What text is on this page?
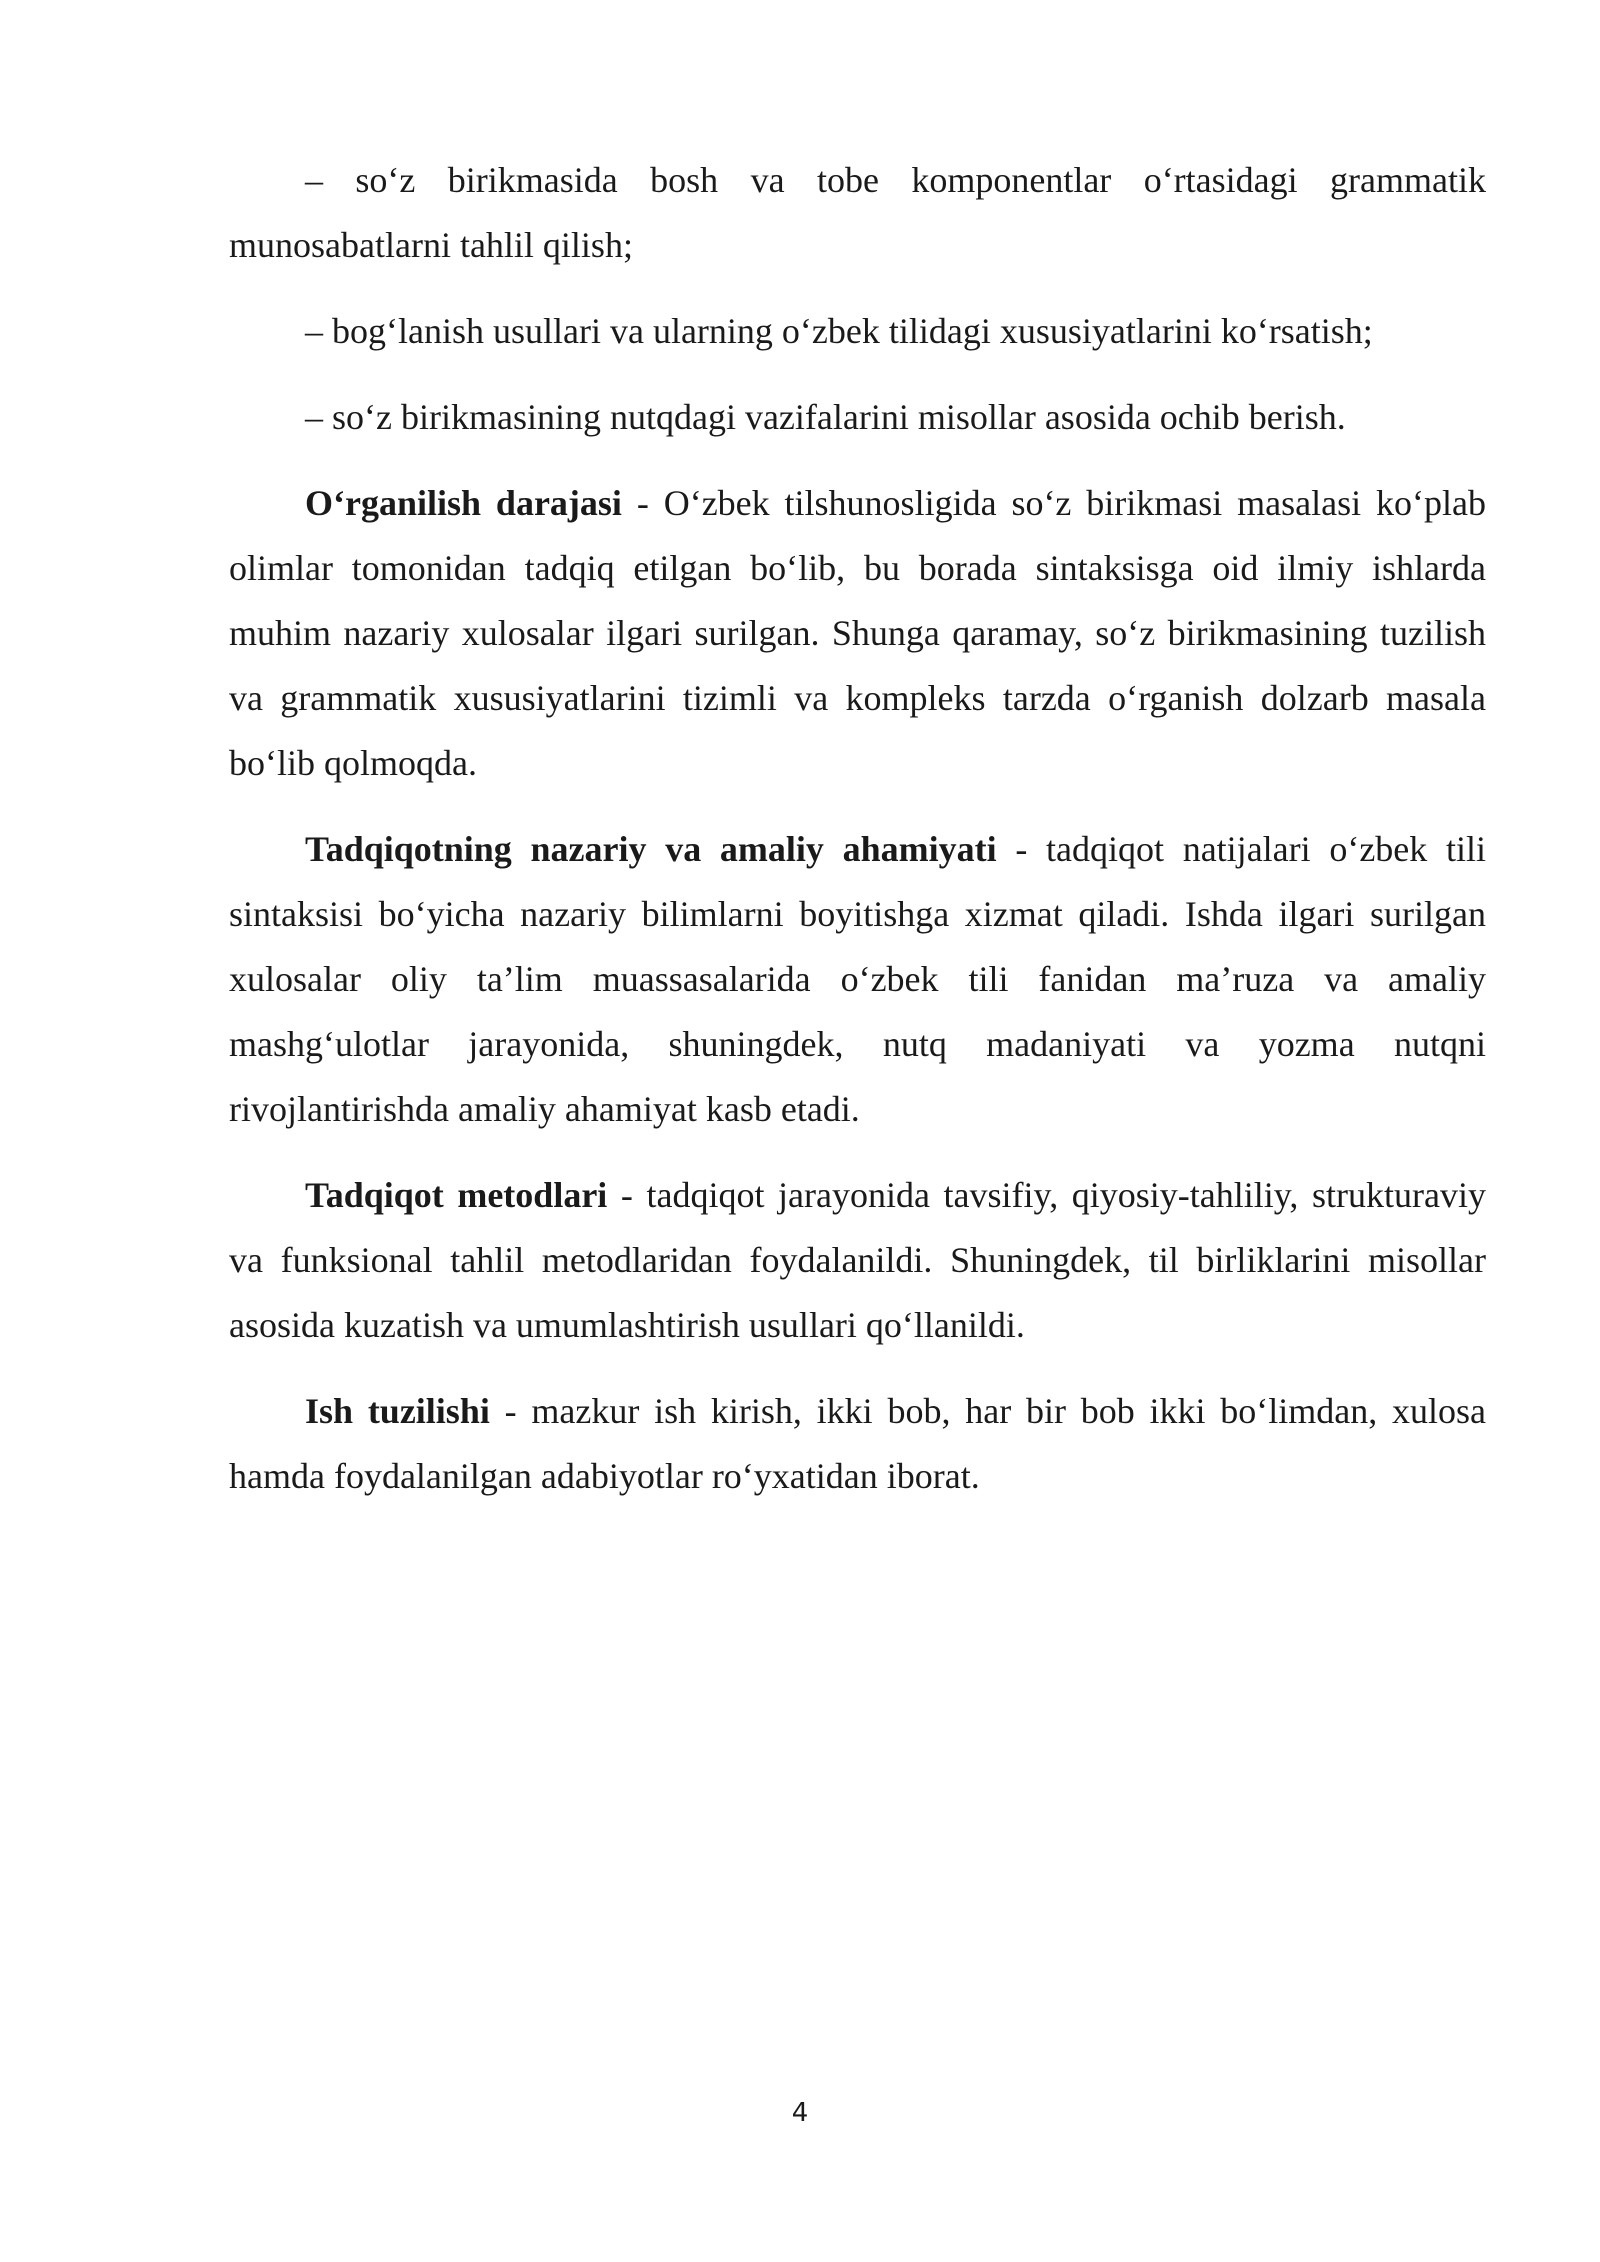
– so‘z birikmasida bosh va tobe komponentlar o‘rtasidagi grammatik munosabatlarni tahlil qilish;

– bog‘lanish usullari va ularning o‘zbek tilidagi xususiyatlarini ko‘rsatish;

– so‘z birikmasining nutqdagi vazifalarini misollar asosida ochib berish.

O‘rganilish darajasi - O‘zbek tilshunosligida so‘z birikmasi masalasi ko‘plab olimlar tomonidan tadqiq etilgan bo‘lib, bu borada sintaksisga oid ilmiy ishlarda muhim nazariy xulosalar ilgari surilgan. Shunga qaramay, so‘z birikmasining tuzilish va grammatik xususiyatlarini tizimli va kompleks tarzda o‘rganish dolzarb masala bo‘lib qolmoqda.

Tadqiqotning nazariy va amaliy ahamiyati - tadqiqot natijalari o‘zbek tili sintaksisi bo‘yicha nazariy bilimlarni boyitishga xizmat qiladi. Ishda ilgari surilgan xulosalar oliy ta’lim muassasalarida o‘zbek tili fanidan ma’ruza va amaliy mashg‘ulotlar jarayonida, shuningdek, nutq madaniyati va yozma nutqni rivojlantirishda amaliy ahamiyat kasb etadi.

Tadqiqot metodlari - tadqiqot jarayonida tavsifiy, qiyosiy-tahliliy, strukturaviy va funksional tahlil metodlaridan foydalanildi. Shuningdek, til birliklarini misollar asosida kuzatish va umumlashtirish usullari qo‘llanildi.

Ish tuzilishi - mazkur ish kirish, ikki bob, har bir bob ikki bo‘limdan, xulosa hamda foydalanilgan adabiyotlar ro‘yxatidan iborat.

4
